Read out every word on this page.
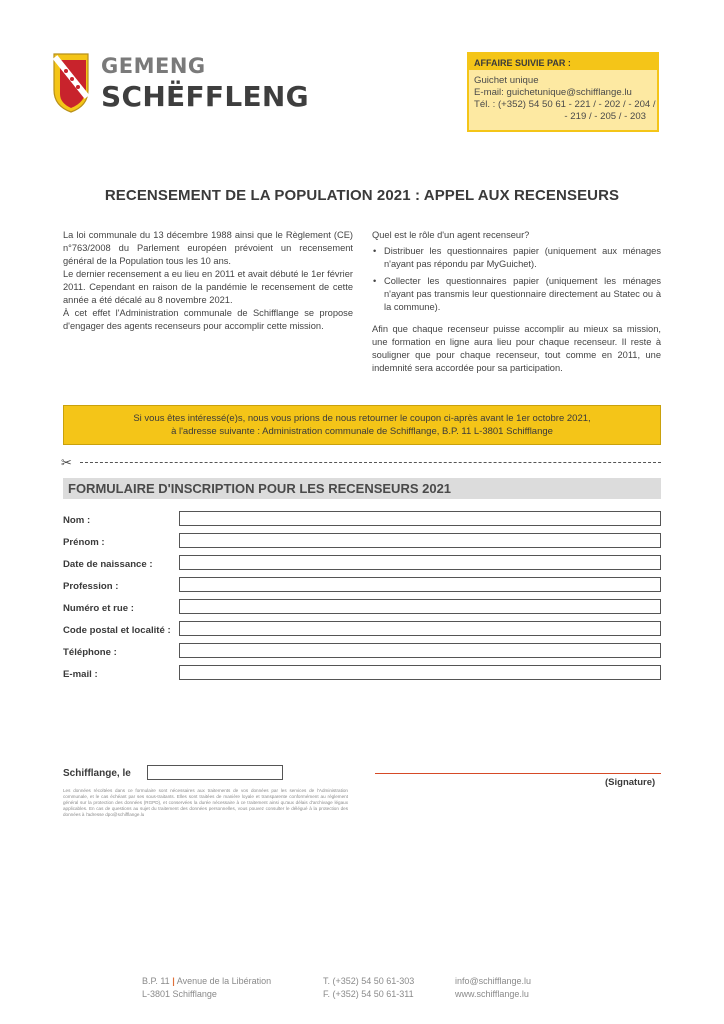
GEMENG
SCHËFFLENG
AFFAIRE SUIVIE PAR :
Guichet unique
E-mail: guichetunique@schifflange.lu
Tél. : (+352) 54 50 61 - 221 / - 202 / - 204 /
- 219 / - 205 / - 203
RECENSEMENT DE LA POPULATION 2021 : APPEL AUX RECENSEURS
La loi communale du 13 décembre 1988 ainsi que le Règlement (CE) n°763/2008 du Parlement européen prévoient un recensement général de la Population tous les 10 ans.
Le dernier recensement a eu lieu en 2011 et avait débuté le 1er février 2011. Cependant en raison de la pandémie le recensement de cette année a été décalé au 8 novembre 2021.
À cet effet l'Administration communale de Schifflange se propose d'engager des agents recenseurs pour accomplir cette mission.
Quel est le rôle d'un agent recenseur?
• Distribuer les questionnaires papier (uniquement aux ménages n'ayant pas répondu par MyGuichet).
• Collecter les questionnaires papier (uniquement les ménages n'ayant pas transmis leur questionnaire directement au Statec ou à la commune).
Afin que chaque recenseur puisse accomplir au mieux sa mission, une formation en ligne aura lieu pour chaque recenseur. Il reste à souligner que pour chaque recenseur, tout comme en 2011, une indemnité sera accordée pour sa participation.
Si vous êtes intéressé(e)s, nous vous prions de nous retourner le coupon ci-après avant le 1er octobre 2021,
à l'adresse suivante : Administration communale de Schifflange, B.P. 11 L-3801 Schifflange
✂
FORMULAIRE D'INSCRIPTION POUR LES RECENSEURS 2021
Nom :
Prénom :
Date de naissance :
Profession :
Numéro et rue :
Code postal et localité :
Téléphone :
E-mail :
Schifflange, le
(Signature)
Les données récoltées dans ce formulaire sont nécessaires aux traitements de vos données par les services de l'Administration communale, et le cas échéant par ses sous-traitants. Elles sont traitées de manière loyale et transparente conformément au règlement général sur la protection des données (RGPD), et conservées la durée nécessaire à ce traitement ainsi qu'aux délais d'archivage légaux applicables. En cas de questions au sujet du traitement des données personnelles, vous pouvez consulter le délégué à la protection des données à l'adresse dpo@schifflange.lu
B.P. 11 | Avenue de la Libération
L-3801 Schifflange
T. (+352) 54 50 61-303
F. (+352) 54 50 61-311
info@schifflange.lu
www.schifflange.lu
